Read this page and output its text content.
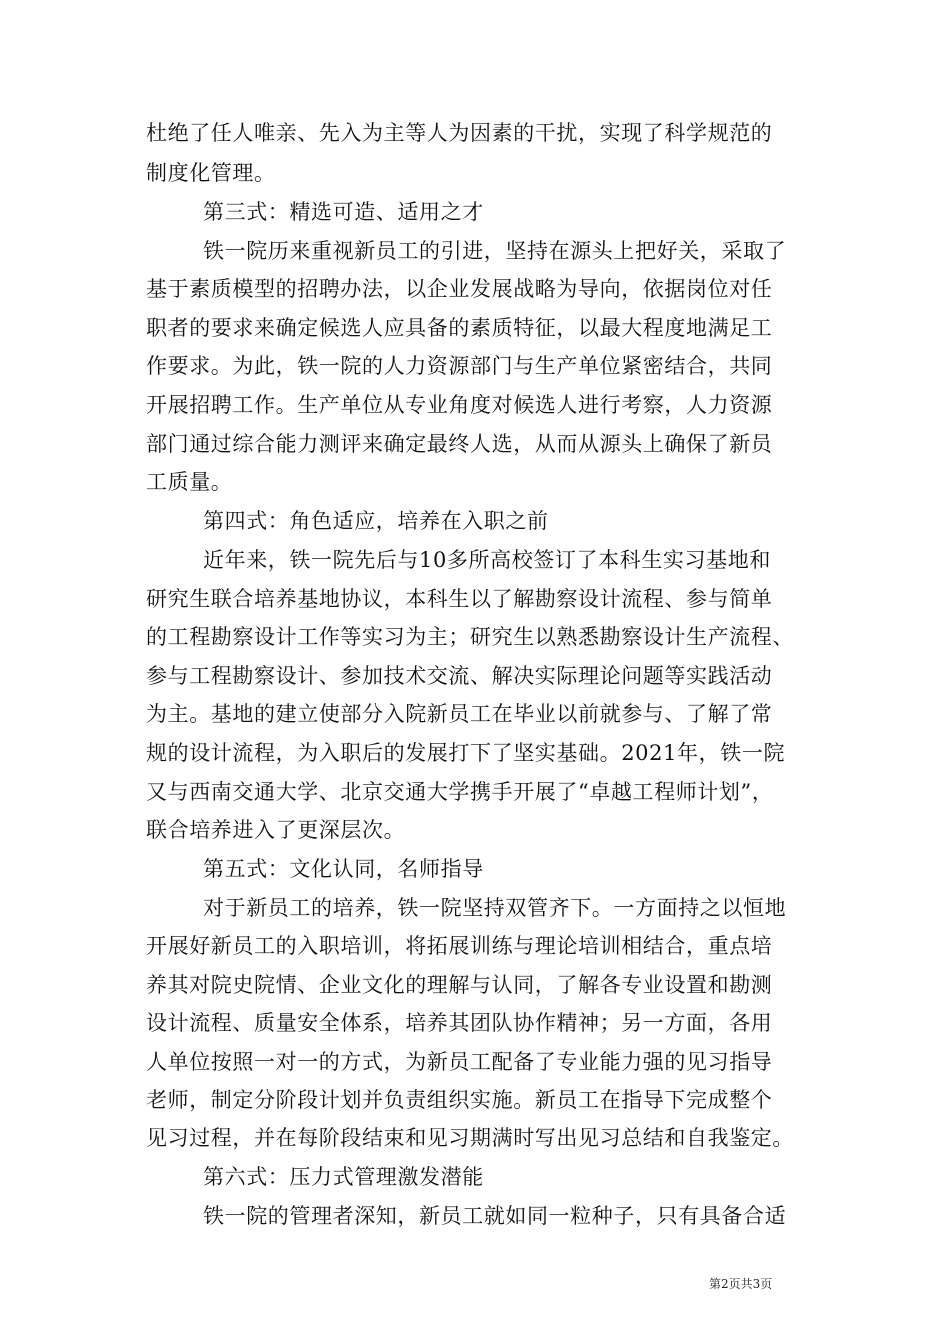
杜绝了任人唯亲、先入为主等人为因素的干扰，实现了科学规范的
制度化管理。
第三式：精选可造、适用之才
铁一院历来重视新员工的引进，坚持在源头上把好关，采取了
基于素质模型的招聘办法，以企业发展战略为导向，依据岗位对任
职者的要求来确定候选人应具备的素质特征，以最大程度地满足工
作要求。为此，铁一院的人力资源部门与生产单位紧密结合，共同
开展招聘工作。生产单位从专业角度对候选人进行考察，人力资源
部门通过综合能力测评来确定最终人选，从而从源头上确保了新员
工质量。
第四式：角色适应，培养在入职之前
近年来，铁一院先后与10多所高校签订了本科生实习基地和
研究生联合培养基地协议，本科生以了解勘察设计流程、参与简单
的工程勘察设计工作等实习为主；研究生以熟悉勘察设计生产流程、
参与工程勘察设计、参加技术交流、解决实际理论问题等实践活动
为主。基地的建立使部分入院新员工在毕业以前就参与、了解了常
规的设计流程，为入职后的发展打下了坚实基础。2021年，铁一院
又与西南交通大学、北京交通大学携手开展了“卓越工程师计划”，
联合培养进入了更深层次。
第五式：文化认同，名师指导
对于新员工的培养，铁一院坚持双管齐下。一方面持之以恒地
开展好新员工的入职培训，将拓展训练与理论培训相结合，重点培
养其对院史院情、企业文化的理解与认同，了解各专业设置和勘测
设计流程、质量安全体系，培养其团队协作精神；另一方面，各用
人单位按照一对一的方式，为新员工配备了专业能力强的见习指导
老师，制定分阶段计划并负责组织实施。新员工在指导下完成整个
见习过程，并在每阶段结束和见习期满时写出见习总结和自我鉴定。
第六式：压力式管理激发潜能
铁一院的管理者深知，新员工就如同一粒种子，只有具备合适
第2页共3页
